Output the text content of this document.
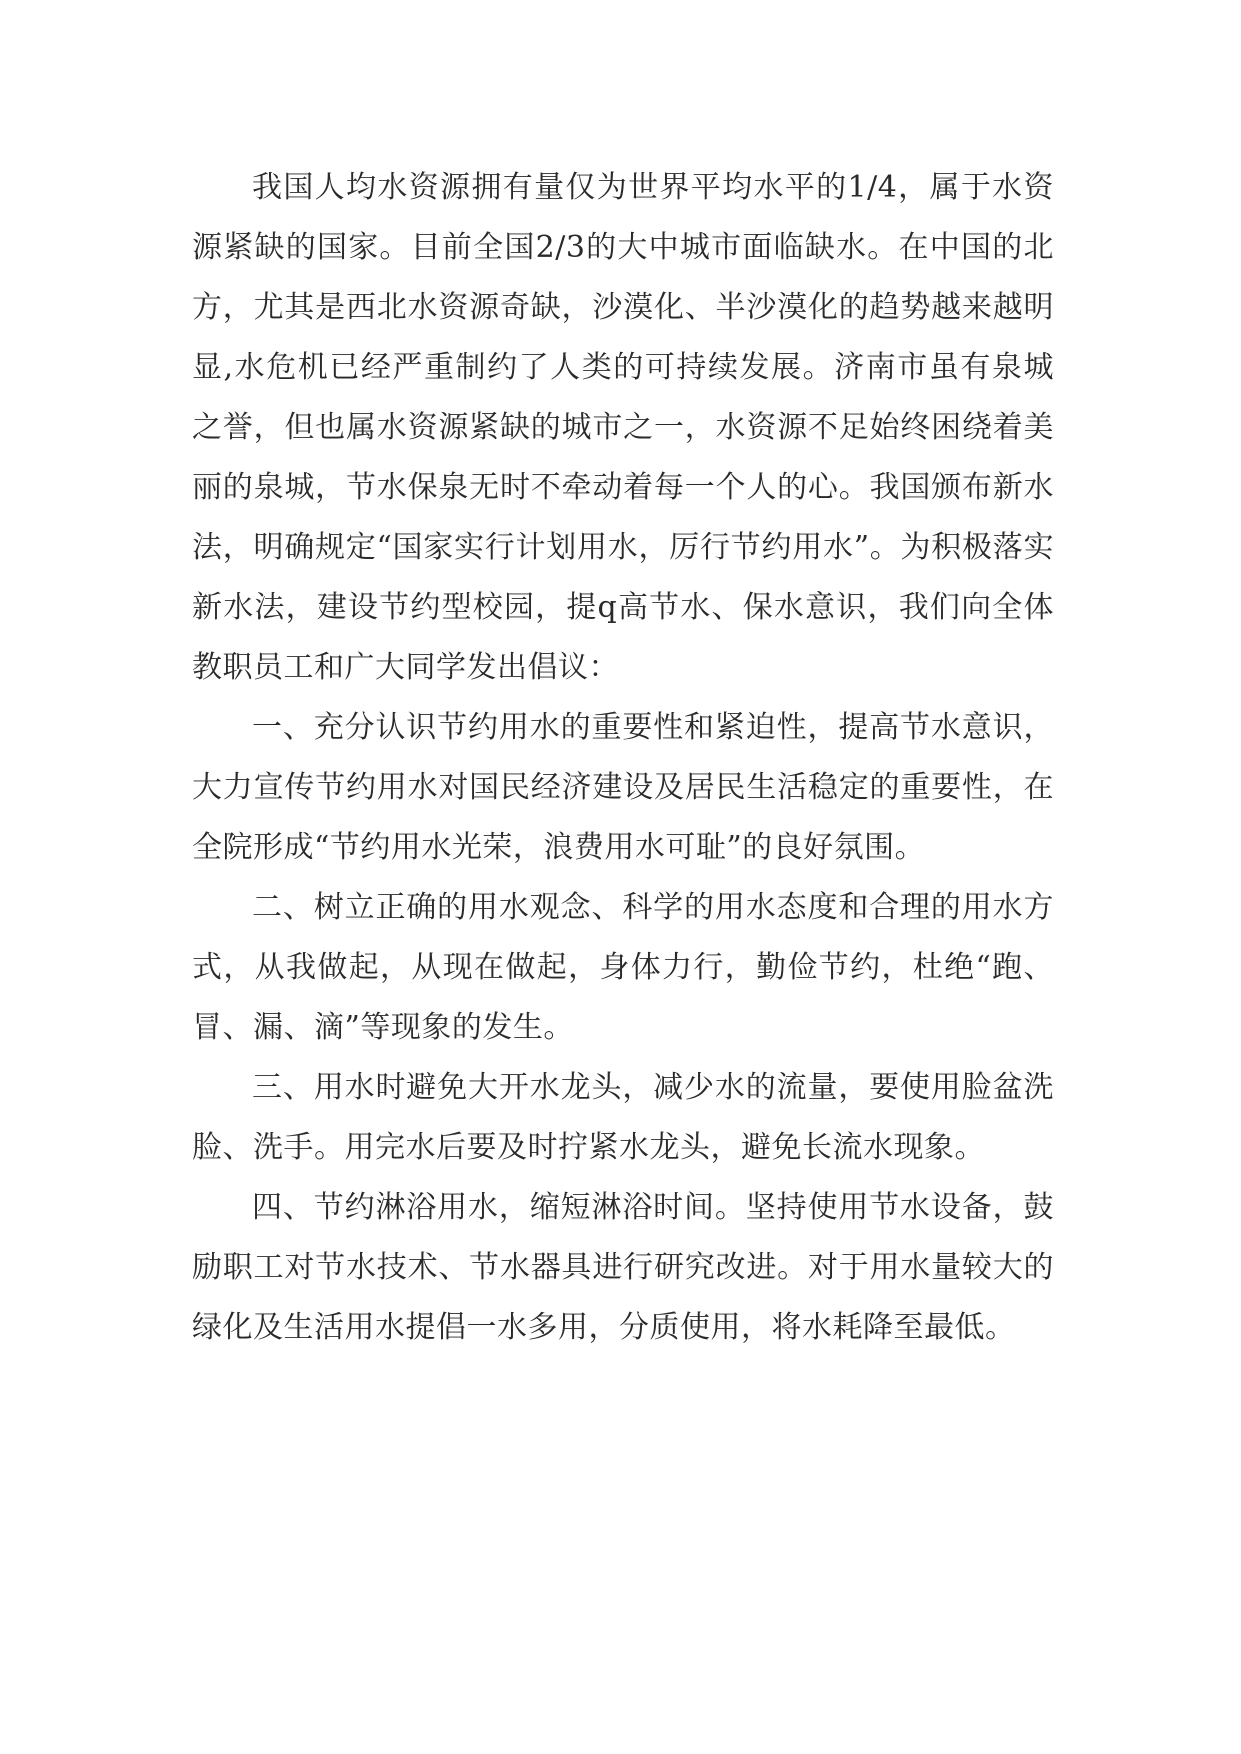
我国人均水资源拥有量仅为世界平均水平的1/4，属于水资源紧缺的国家。目前全国2/3的大中城市面临缺水。在中国的北方，尤其是西北水资源奇缺，沙漠化、半沙漠化的趋势越来越明显,水危机已经严重制约了人类的可持续发展。济南市虽有泉城之誉，但也属水资源紧缺的城市之一，水资源不足始终困绕着美丽的泉城，节水保泉无时不牵动着每一个人的心。我国颁布新水法，明确规定“国家实行计划用水，厉行节约用水”。为积极落实新水法，建设节约型校园，提q高节水、保水意识，我们向全体教职员工和广大同学发出倡议：

一、充分认识节约用水的重要性和紧迫性，提高节水意识，大力宣传节约用水对国民经济建设及居民生活稳定的重要性，在全院形成“节约用水光荣，浪费用水可耻”的良好氛围。

二、树立正确的用水观念、科学的用水态度和合理的用水方式，从我做起，从现在做起，身体力行，勤俭节约，杜绝“跑、冒、漏、滴”等现象的发生。

三、用水时避免大开水龙头，减少水的流量，要使用脸盆洗脸、洗手。用完水后要及时拧紧水龙头，避免长流水现象。

四、节约淋浴用水，缩短淋浴时间。坚持使用节水设备，鼓励职工对节水技术、节水器具进行研究改进。对于用水量较大的绿化及生活用水提倡一水多用，分质使用，将水耗降至最低。
